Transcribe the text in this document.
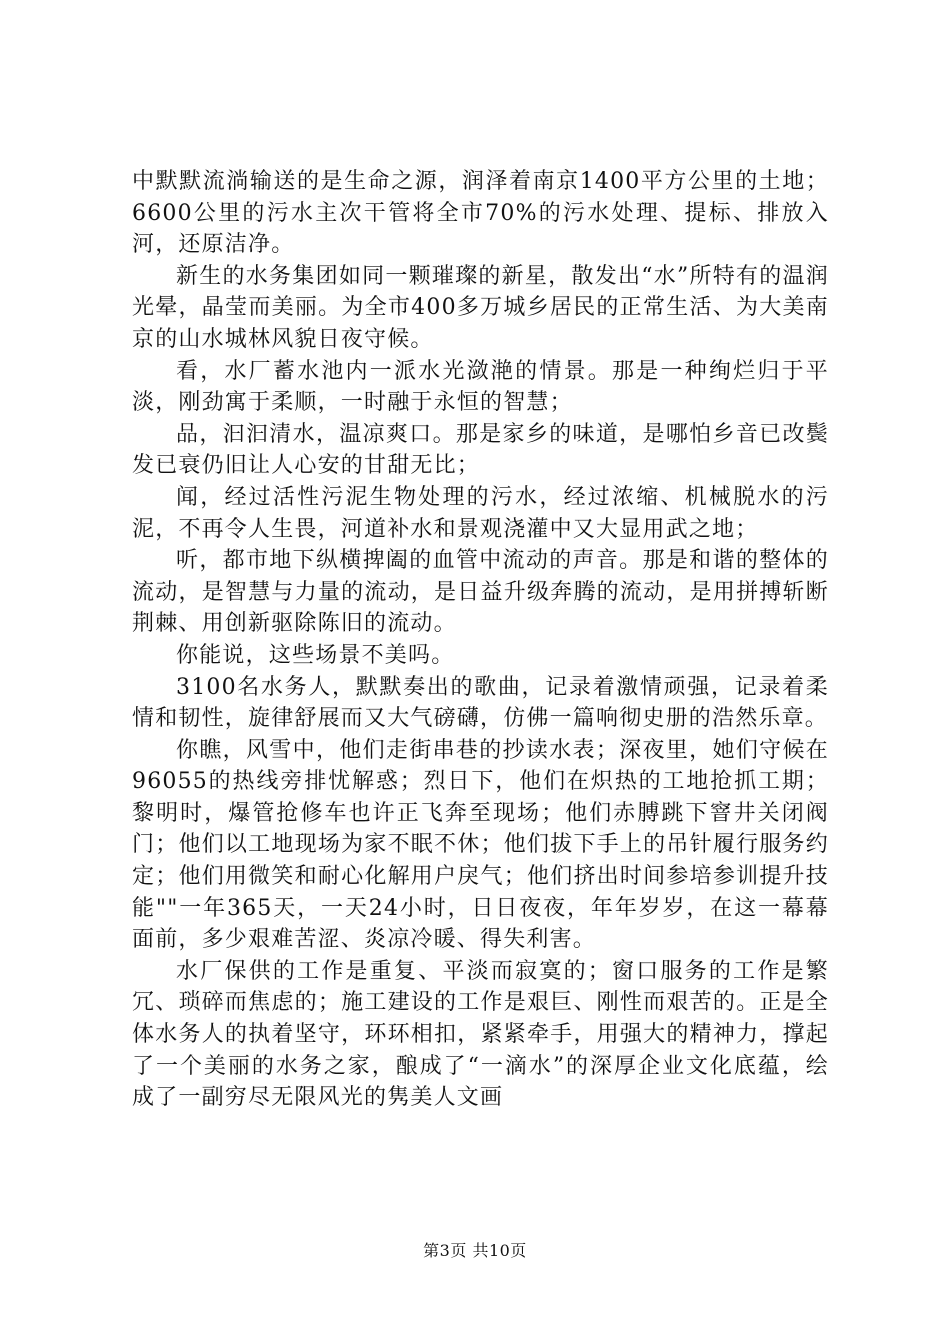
中默默流淌输送的是生命之源，润泽着南京1400平方公里的土地；6600公里的污水主次干管将全市70%的污水处理、提标、排放入河，还原洁净。

新生的水务集团如同一颗璀璨的新星，散发出“水”所特有的温润光晕，晶莹而美丽。为全市400多万城乡居民的正常生活、为大美南京的山水城林风貌日夜守候。

看，水厂蓄水池内一派水光潋滟的情景。那是一种绚烂归于平淡，刚劲寓于柔顺，一时融于永恒的智慧；

品，汩汩清水，温凉爽口。那是家乡的味道，是哪怕乡音已改鬓发已衰仍旧让人心安的甘甜无比；

闻，经过活性污泥生物处理的污水，经过浓缩、机械脱水的污泥，不再令人生畏，河道补水和景观浇灌中又大显用武之地；

听，都市地下纵横捭阖的血管中流动的声音。那是和谐的整体的流动，是智慧与力量的流动，是日益升级奔腾的流动，是用拼搏斩断荆棘、用创新驱除陈旧的流动。

你能说，这些场景不美吗。

3100名水务人，默默奏出的歌曲，记录着激情顽强，记录着柔情和韧性，旋律舒展而又大气磅礴，仿佛一篇响彻史册的浩然乐章。

你瞧，风雪中，他们走街串巷的抄读水表；深夜里，她们守候在96055的热线旁排忧解惑；烈日下，他们在炽热的工地抢抓工期；黎明时，爆管抢修车也许正飞奔至现场；他们赤膊跳下窨井关闭阀门；他们以工地现场为家不眠不休；他们拔下手上的吊针履行服务约定；他们用微笑和耐心化解用户戾气；他们挤出时间参培参训提升技能""一年365天，一天24小时，日日夜夜，年年岁岁，在这一幕幕面前，多少艰难苦涩、炎凉冷暖、得失利害。

水厂保供的工作是重复、平淡而寂寞的；窗口服务的工作是繁冗、琐碎而焦虑的；施工建设的工作是艰巨、刚性而艰苦的。正是全体水务人的执着坚守，环环相扣，紧紧牵手，用强大的精神力，撑起了一个美丽的水务之家，酿成了“一滴水”的深厚企业文化底蕴，绘成了一副穷尽无限风光的隽美人文画

第3页 共10页
